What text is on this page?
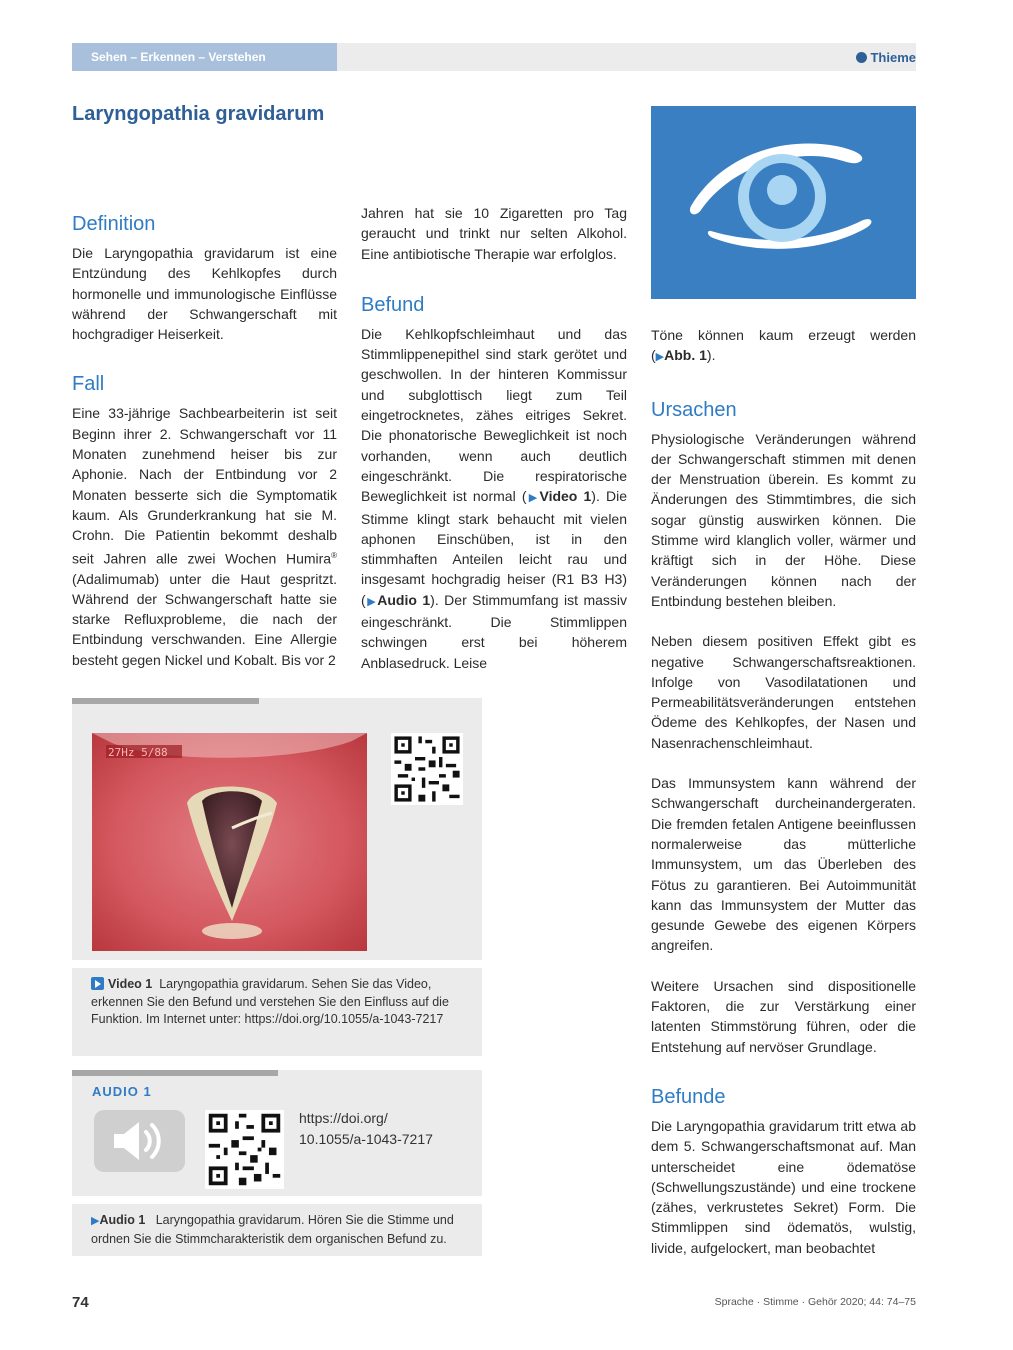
Sehen – Erkennen – Verstehen	Thieme
Laryngopathia gravidarum
Definition

Die Laryngopathia gravidarum ist eine Entzündung des Kehlkopfes durch hormonelle und immunologische Einflüsse während der Schwangerschaft mit hochgradiger Heiserkeit.

Fall

Eine 33-jährige Sachbearbeiterin ist seit Beginn ihrer 2. Schwangerschaft vor 11 Monaten zunehmend heiser bis zur Aphonie. Nach der Entbindung vor 2 Monaten besserte sich die Symptomatik kaum. Als Grunderkrankung hat sie M. Crohn. Die Patientin bekommt deshalb seit Jahren alle zwei Wochen Humira® (Adalimumab) unter die Haut gespritzt. Während der Schwangerschaft hatte sie starke Refluxprobleme, die nach der Entbindung verschwanden. Eine Allergie besteht gegen Nickel und Kobalt. Bis vor 2

Jahren hat sie 10 Zigaretten pro Tag geraucht und trinkt nur selten Alkohol. Eine antibiotische Therapie war erfolglos.

Befund

Die Kehlkopfschleimhaut und das Stimmlippenepithel sind stark gerötet und geschwollen. In der hinteren Kommissur und subglottisch liegt zum Teil eingetrocknetes, zähes eitriges Sekret. Die phonatorische Beweglichkeit ist noch vorhanden, wenn auch deutlich eingeschränkt. Die respiratorische Beweglichkeit ist normal (▶Video 1). Die Stimme klingt stark behaucht mit vielen aphonen Einschüben, ist in den stimmhaften Anteilen leicht rau und insgesamt hochgradig heiser (R1 B3 H3) (▶Audio 1). Der Stimmumfang ist massiv eingeschränkt. Die Stimmlippen schwingen erst bei höherem Anblasedruck. Leise

Töne können kaum erzeugt werden (▶Abb. 1).

Ursachen

Physiologische Veränderungen während der Schwangerschaft stimmen mit denen der Menstruation überein. Es kommt zu Änderungen des Stimmtimbres, die sich sogar günstig auswirken können. Die Stimme wird klanglich voller, wärmer und kräftigt sich in der Höhe. Diese Veränderungen können nach der Entbindung bestehen bleiben.

Neben diesem positiven Effekt gibt es negative Schwangerschaftsreaktionen. Infolge von Vasodilatationen und Permeabilitätsveränderungen entstehen Ödeme des Kehlkopfes, der Nasen und Nasenrachenschleimhaut.

Das Immunsystem kann während der Schwangerschaft durcheinandergeraten. Die fremden fetalen Antigene beeinflussen normalerweise das mütterliche Immunsystem, um das Überleben des Fötus zu garantieren. Bei Autoimmunität kann das Immunsystem der Mutter das gesunde Gewebe des eigenen Körpers angreifen.

Weitere Ursachen sind dispositionelle Faktoren, die zur Verstärkung einer latenten Stimmstörung führen, oder die Entstehung auf nervöser Grundlage.

Befunde

Die Laryngopathia gravidarum tritt etwa ab dem 5. Schwangerschaftsmonat auf. Man unterscheidet eine ödematöse (Schwellungszustände) und eine trockene (zähes, verkrustetes Sekret) Form. Die Stimmlippen sind ödematös, wulstig, livide, aufgelockert, man beobachtet

27Hz 5/88
Video 1 Laryngopathia gravidarum. Sehen Sie das Video, erkennen Sie den Befund und verstehen Sie den Einfluss auf die Funktion. Im Internet unter: https://doi.org/10.1055/a-1043-7217
AUDIO 1
https://doi.org/
10.1055/a-1043-7217
▶Audio 1 Laryngopathia gravidarum. Hören Sie die Stimme und ordnen Sie die Stimmcharakteristik dem organischen Befund zu.
74	Sprache · Stimme · Gehör 2020; 44: 74–75
